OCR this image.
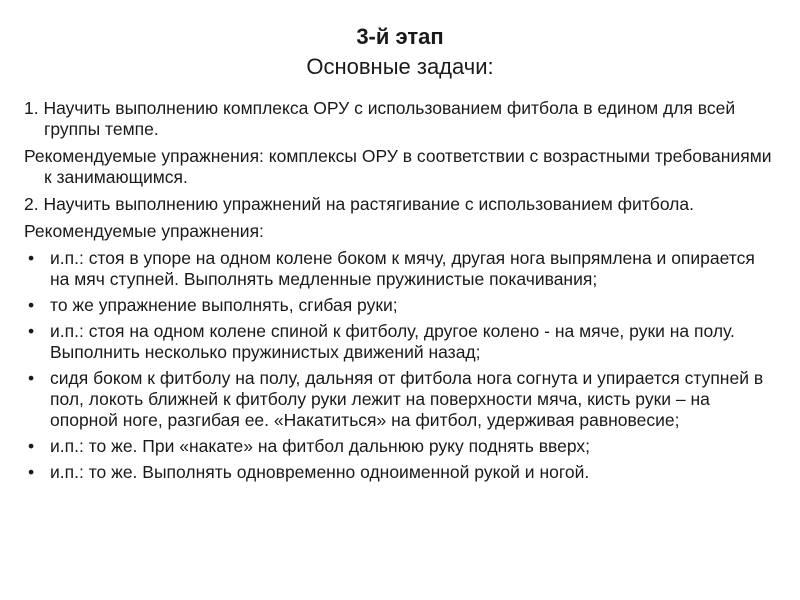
3-й этап

Основные задачи:

1. Научить выполнению комплекса ОРУ с использованием фитбола в едином для всей группы темпе.

Рекомендуемые упражнения: комплексы ОРУ в соответствии с возрастными требованиями к занимающимся.

2. Научить выполнению упражнений на растягивание с использованием фитбола.

Рекомендуемые упражнения:

• и.п.: стоя в упоре на одном колене боком к мячу, другая нога выпрямлена и опирается на мяч ступней. Выполнять медленные пружинистые покачивания;
• то же упражнение выполнять, сгибая руки;
• и.п.: стоя на одном колене спиной к фитболу, другое колено - на мяче, руки на полу. Выполнить несколько пружинистых движений назад;
• сидя боком к фитболу на полу, дальняя от фитбола нога согнута и упирается ступней в пол, локоть ближней к фитболу руки лежит на поверхности мяча, кисть руки – на опорной ноге, разгибая ее. «Накатиться» на фитбол, удерживая равновесие;
• и.п.: то же. При «накате» на фитбол дальнюю руку поднять вверх;
• и.п.: то же. Выполнять одновременно одноименной рукой и ногой.
